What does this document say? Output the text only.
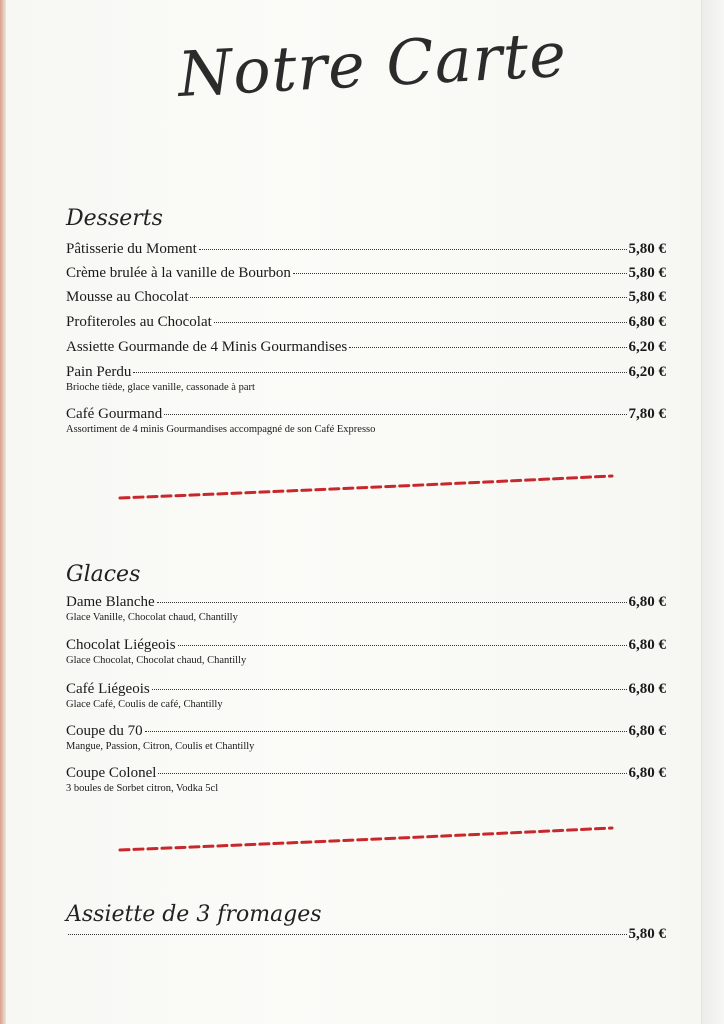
Notre Carte
Desserts
Pâtisserie du Moment	5,80 €
Crème brulée à la vanille de Bourbon	5,80 €
Mousse au Chocolat	5,80 €
Profiteroles au Chocolat	6,80 €
Assiette Gourmande de 4 Minis Gourmandises	6,20 €
Pain Perdu	6,20 €
Brioche tiède, glace vanille, cassonade à part
Café Gourmand	7,80 €
Assortiment de 4 minis Gourmandises accompagné de son Café Expresso
Glaces
Dame Blanche	6,80 €
Glace Vanille, Chocolat chaud, Chantilly
Chocolat Liégeois	6,80 €
Glace Chocolat, Chocolat chaud, Chantilly
Café Liégeois	6,80 €
Glace Café, Coulis de café, Chantilly
Coupe du 70	6,80 €
Mangue, Passion, Citron, Coulis et Chantilly
Coupe Colonel	6,80 €
3 boules de Sorbet citron, Vodka 5cl
Assiette de 3 fromages
5,80 €
